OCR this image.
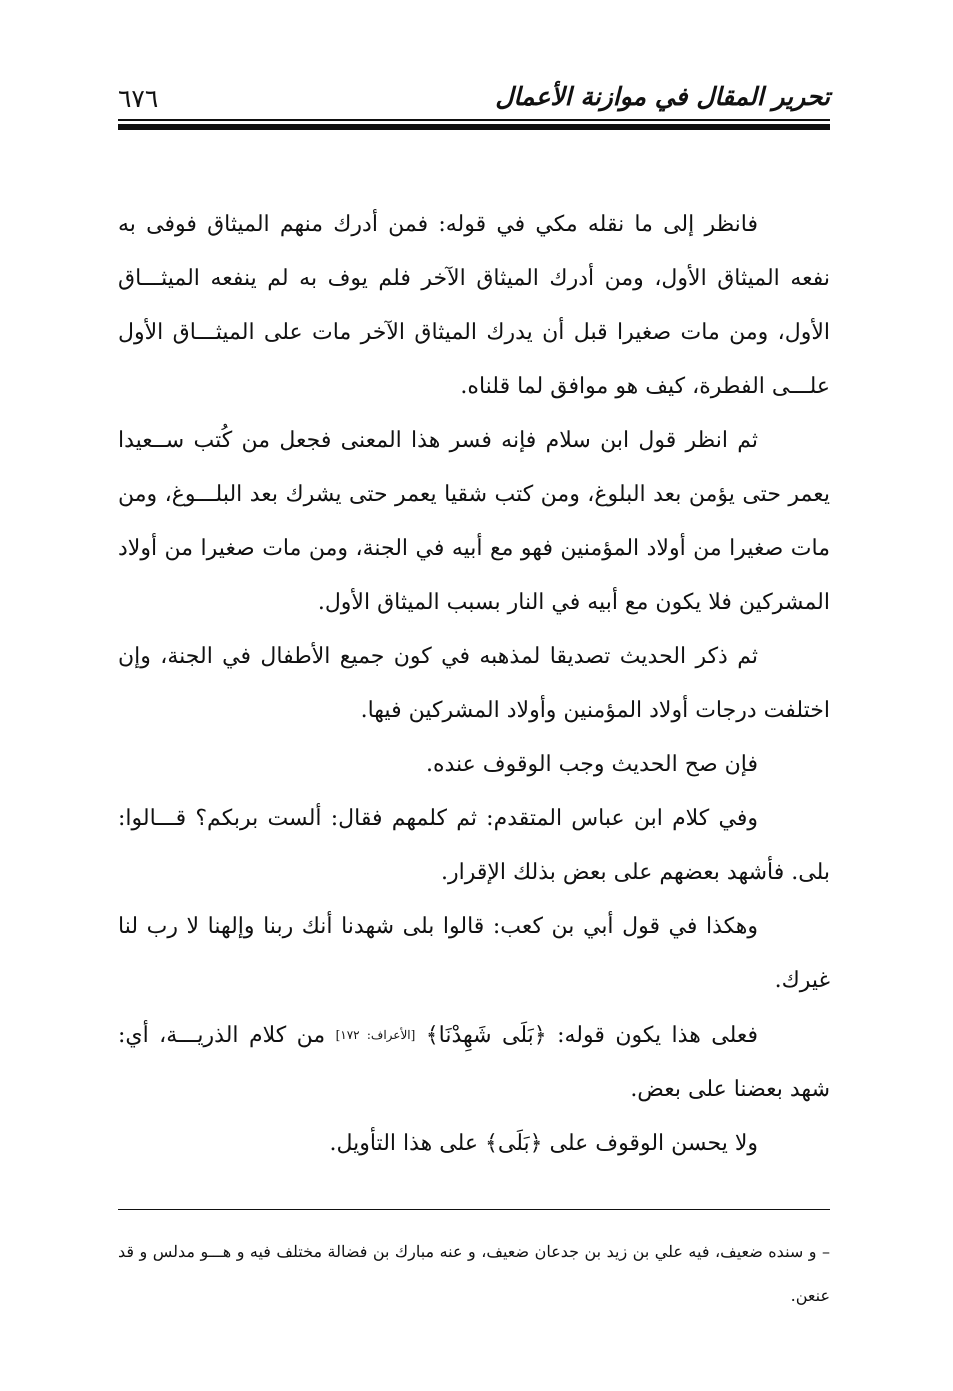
تحرير المقال في موازنة الأعمال
٦٧٦

فانظر إلى ما نقله مكي في قوله: فمن أدرك منهم الميثاق فوفى به نفعه الميثاق الأول، ومن أدرك الميثاق الآخر فلم يوف به لم ينفعه الميثـــاق الأول، ومن مات صغيرا قبل أن يدرك الميثاق الآخر مات على الميثـــاق الأول علـــى الفطرة، كيف هو موافق لما قلناه.

ثم انظر قول ابن سلام فإنه فسر هذا المعنى فجعل من كُتب ســعيدا يعمر حتى يؤمن بعد البلوغ، ومن كتب شقيا يعمر حتى يشرك بعد البلـــوغ، ومن مات صغيرا من أولاد المؤمنين فهو مع أبيه في الجنة، ومن مات صغيرا من أولاد المشركين فلا يكون مع أبيه في النار بسبب الميثاق الأول.

ثم ذكر الحديث تصديقا لمذهبه في كون جميع الأطفال في الجنة، وإن اختلفت درجات أولاد المؤمنين وأولاد المشركين فيها.

فإن صح الحديث وجب الوقوف عنده.

وفي كلام ابن عباس المتقدم: ثم كلمهم فقال: ألست بربكم؟ قـــالوا: بلى. فأشهد بعضهم على بعض بذلك الإقرار.

وهكذا في قول أبي بن كعب: قالوا بلى شهدنا أنك ربنا وإلهنا لا رب لنا غيرك.

فعلى هذا يكون قوله: ﴿بَلَى شَهِدْنَا﴾ [الأعراف: ١٧٢] من كلام الذريـــة، أي: شهد بعضنا على بعض.

ولا يحسن الوقوف على ﴿بَلَى﴾ على هذا التأويل.

– و سنده ضعيف، فيه علي بن زيد بن جدعان ضعيف، و عنه مبارك بن فضالة مختلف فيه و هـــو مدلس و قد عنعن.
